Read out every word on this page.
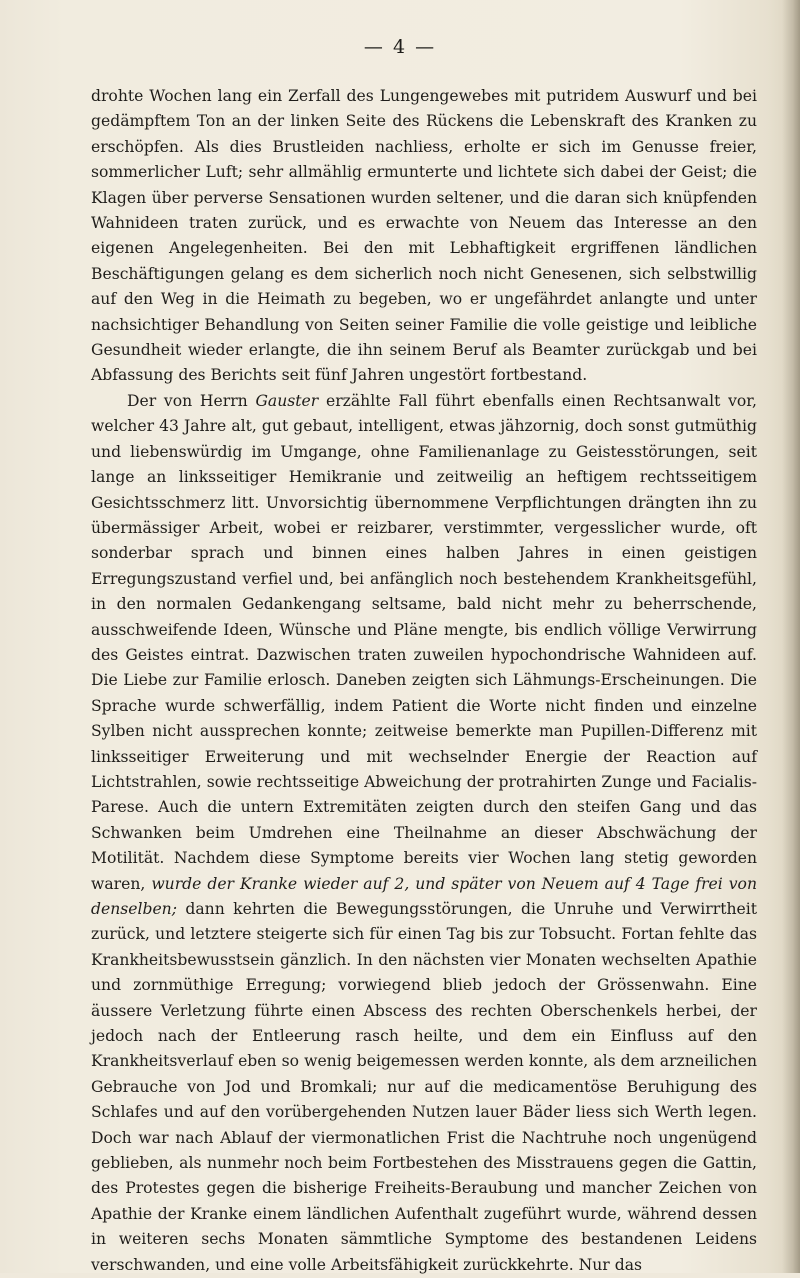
— 4 —

drohte Wochen lang ein Zerfall des Lungengewebes mit putridem Auswurf und bei gedämpftem Ton an der linken Seite des Rückens die Lebenskraft des Kranken zu erschöpfen. Als dies Brustleiden nachliess, erholte er sich im Genusse freier, sommerlicher Luft; sehr allmählig ermunterte und lichtete sich dabei der Geist; die Klagen über perverse Sensationen wurden seltener, und die daran sich knüpfenden Wahnideen traten zurück, und es erwachte von Neuem das Interesse an den eigenen Angelegenheiten. Bei den mit Lebhaftigkeit ergriffenen ländlichen Beschäftigungen gelang es dem sicherlich noch nicht Genesenen, sich selbstwillig auf den Weg in die Heimath zu begeben, wo er ungefährdet anlangte und unter nachsichtiger Behandlung von Seiten seiner Familie die volle geistige und leibliche Gesundheit wieder erlangte, die ihn seinem Beruf als Beamter zurückgab und bei Abfassung des Berichts seit fünf Jahren ungestört fortbestand.

Der von Herrn Gauster erzählte Fall führt ebenfalls einen Rechtsanwalt vor, welcher 43 Jahre alt, gut gebaut, intelligent, etwas jähzornig, doch sonst gutmüthig und liebenswürdig im Umgange, ohne Familienanlage zu Geistesstörungen, seit lange an linksseitiger Hemikranie und zeitweilig an heftigem rechtsseitigem Gesichtsschmerz litt. Unvorsichtig übernommene Verpflichtungen drängten ihn zu übermässiger Arbeit, wobei er reizbarer, verstimmter, vergesslicher wurde, oft sonderbar sprach und binnen eines halben Jahres in einen geistigen Erregungszustand verfiel und, bei anfänglich noch bestehendem Krankheitsgefühl, in den normalen Gedankengang seltsame, bald nicht mehr zu beherrschende, ausschweifende Ideen, Wünsche und Pläne mengte, bis endlich völlige Verwirrung des Geistes eintrat. Dazwischen traten zuweilen hypochondrische Wahnideen auf. Die Liebe zur Familie erlosch. Daneben zeigten sich Lähmungs-Erscheinungen. Die Sprache wurde schwerfällig, indem Patient die Worte nicht finden und einzelne Sylben nicht aussprechen konnte; zeitweise bemerkte man Pupillen-Differenz mit linksseitiger Erweiterung und mit wechselnder Energie der Reaction auf Lichtstrahlen, sowie rechtsseitige Abweichung der protrahirten Zunge und Facialis-Parese. Auch die untern Extremitäten zeigten durch den steifen Gang und das Schwanken beim Umdrehen eine Theilnahme an dieser Abschwächung der Motilität. Nachdem diese Symptome bereits vier Wochen lang stetig geworden waren, wurde der Kranke wieder auf 2, und später von Neuem auf 4 Tage frei von denselben; dann kehrten die Bewegungsstörungen, die Unruhe und Verwirrtheit zurück, und letztere steigerte sich für einen Tag bis zur Tobsucht. Fortan fehlte das Krankheitsbewusstsein gänzlich. In den nächsten vier Monaten wechselten Apathie und zornmüthige Erregung; vorwiegend blieb jedoch der Grössenwahn. Eine äussere Verletzung führte einen Abscess des rechten Oberschenkels herbei, der jedoch nach der Entleerung rasch heilte, und dem ein Einfluss auf den Krankheitsverlauf eben so wenig beigemessen werden konnte, als dem arzneilichen Gebrauche von Jod und Bromkali; nur auf die medicamentöse Beruhigung des Schlafes und auf den vorübergehenden Nutzen lauer Bäder liess sich Werth legen. Doch war nach Ablauf der viermonatlichen Frist die Nachtruhe noch ungenügend geblieben, als nunmehr noch beim Fortbestehen des Misstrauens gegen die Gattin, des Protestes gegen die bisherige Freiheits-Beraubung und mancher Zeichen von Apathie der Kranke einem ländlichen Aufenthalt zugeführt wurde, während dessen in weiteren sechs Monaten sämmtliche Symptome des bestandenen Leidens verschwanden, und eine volle Arbeitsfähigkeit zurückkehrte. Nur das
